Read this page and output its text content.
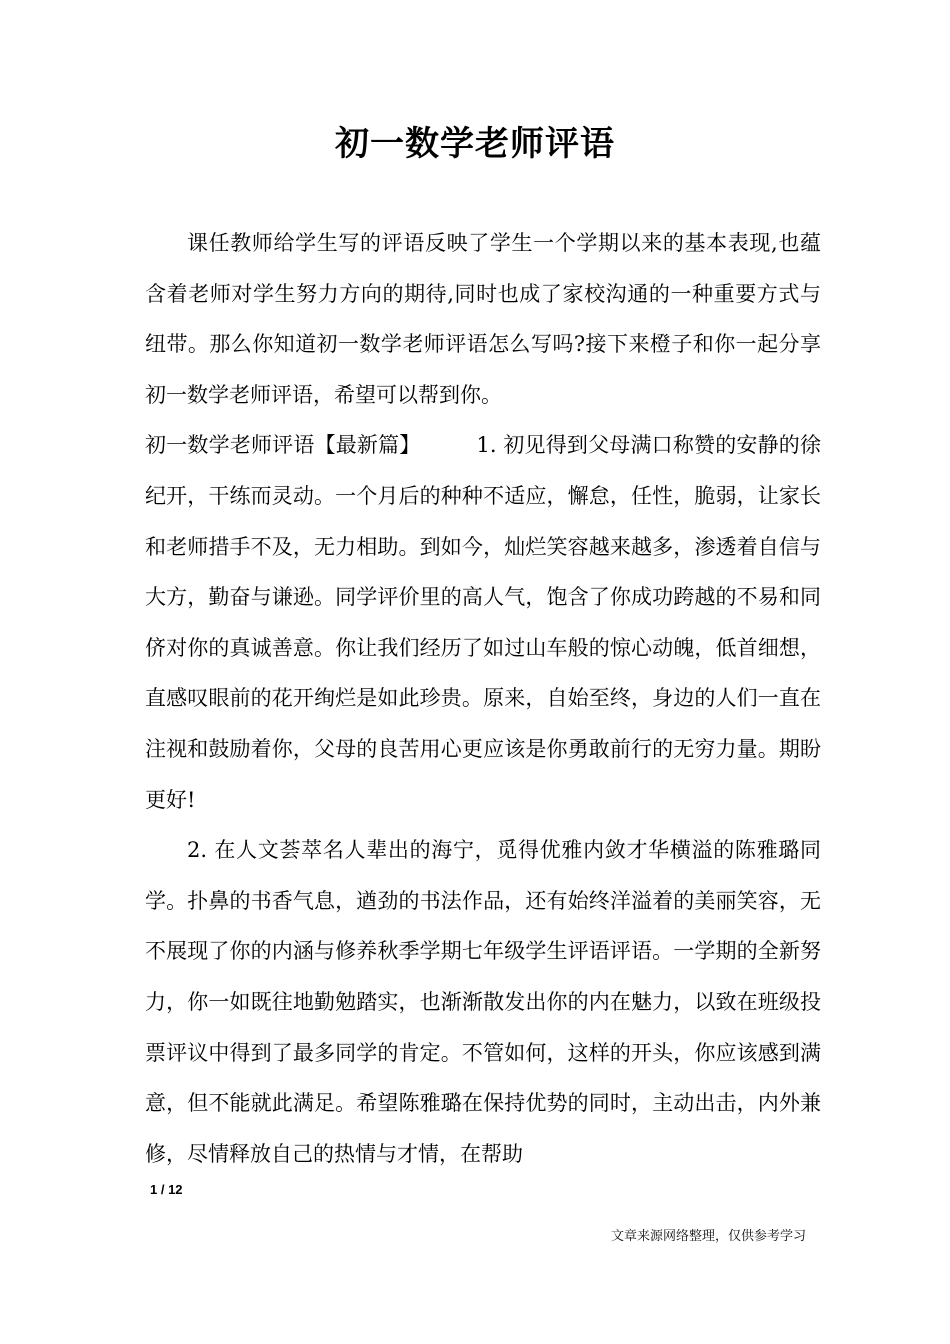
初一数学老师评语

课任教师给学生写的评语反映了学生一个学期以来的基本表现,也蕴含着老师对学生努力方向的期待,同时也成了家校沟通的一种重要方式与纽带。那么你知道初一数学老师评语怎么写吗?接下来橙子和你一起分享初一数学老师评语，希望可以帮到你。

初一数学老师评语【最新篇】	1. 初见得到父母满口称赞的安静的徐纪开，干练而灵动。一个月后的种种不适应，懈怠，任性，脆弱，让家长和老师措手不及，无力相助。到如今，灿烂笑容越来越多，渗透着自信与大方，勤奋与谦逊。同学评价里的高人气，饱含了你成功跨越的不易和同侪对你的真诚善意。你让我们经历了如过山车般的惊心动魄，低首细想，直感叹眼前的花开绚烂是如此珍贵。原来，自始至终，身边的人们一直在注视和鼓励着你，父母的良苦用心更应该是你勇敢前行的无穷力量。期盼更好!

2. 在人文荟萃名人辈出的海宁，觅得优雅内敛才华横溢的陈雅璐同学。扑鼻的书香气息，遒劲的书法作品，还有始终洋溢着的美丽笑容，无不展现了你的内涵与修养秋季学期七年级学生评语评语。一学期的全新努力，你一如既往地勤勉踏实，也渐渐散发出你的内在魅力，以致在班级投票评议中得到了最多同学的肯定。不管如何，这样的开头，你应该感到满意，但不能就此满足。希望陈雅璐在保持优势的同时，主动出击，内外兼修，尽情释放自己的热情与才情，在帮助

1 / 12
文章来源网络整理，仅供参考学习
